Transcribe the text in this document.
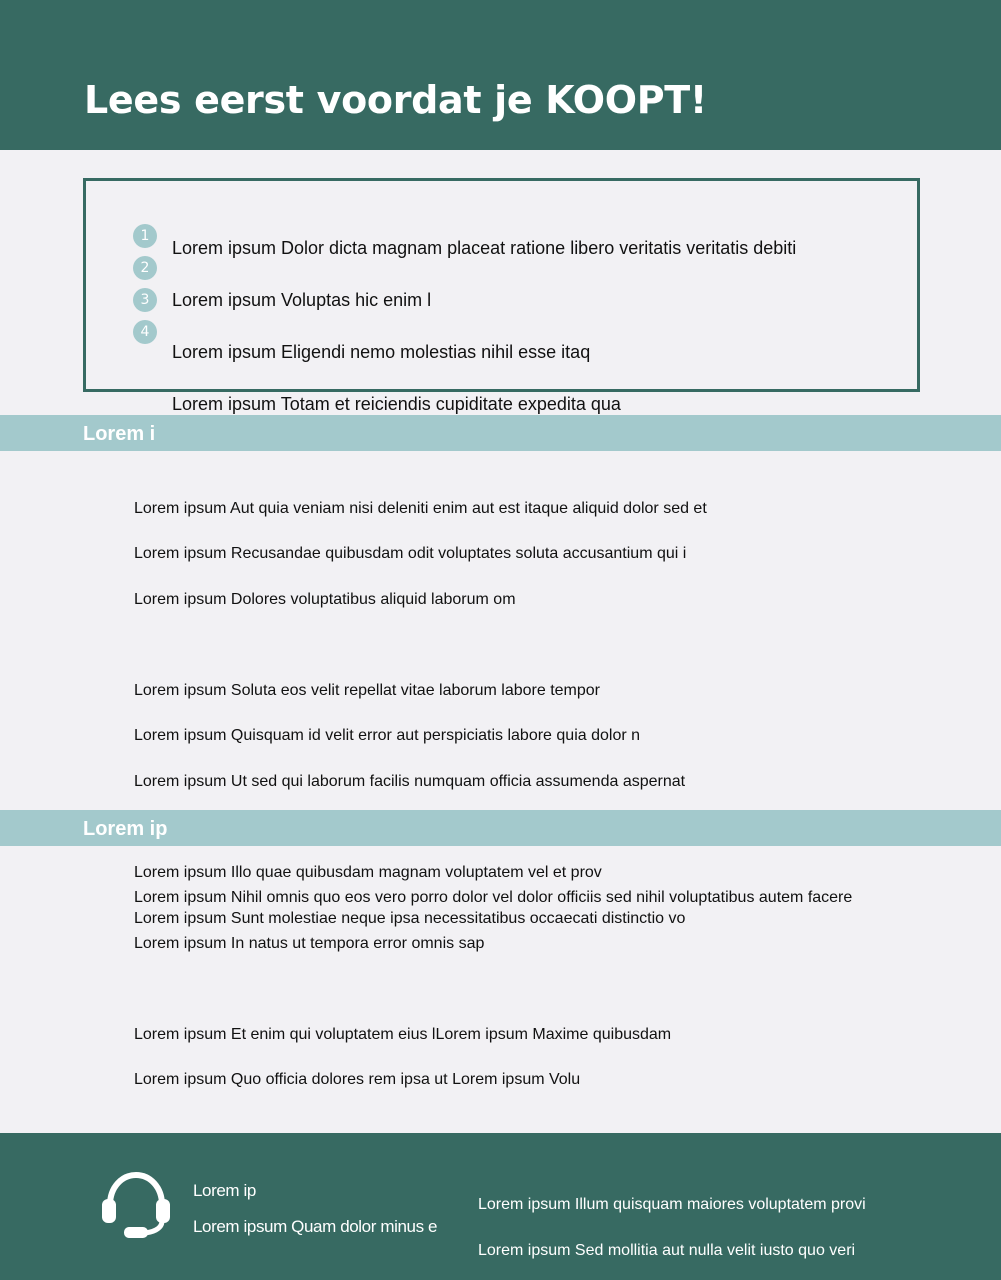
Lees eerst voordat je KOOPT!
1
2
3
4
Lorem ipsum Dolor dicta magnam placeat ratione libero veritatis veritatis debiti
Lorem ipsum Voluptas hic enim l
Lorem ipsum Eligendi nemo molestias nihil esse itaq
Lorem ipsum Totam et reiciendis cupiditate expedita qua
Lorem i
Lorem ipsum Aut quia veniam nisi deleniti enim aut est itaque aliquid dolor sed et
Lorem ipsum Recusandae quibusdam odit voluptates soluta accusantium qui i
Lorem ipsum Dolores voluptatibus aliquid laborum om
Lorem ipsum Soluta eos velit repellat vitae laborum labore tempor
Lorem ipsum Quisquam id velit error aut perspiciatis labore quia dolor n
Lorem ipsum Ut sed qui laborum facilis numquam officia assumenda aspernat
Lorem ip
Lorem ipsum Illo quae quibusdam magnam voluptatem vel et prov
Lorem ipsum Nihil omnis quo eos vero porro dolor vel dolor officiis sed nihil voluptatibus autem facere
Lorem ipsum Sunt molestiae neque ipsa necessitatibus occaecati distinctio vo
Lorem ipsum In natus ut tempora error omnis sap
Lorem ipsum Et enim qui voluptatem eius lLorem ipsum Maxime quibusdam
Lorem ipsum Quo officia dolores rem ipsa ut Lorem ipsum Volu
Lorem ip
Lorem ipsum Quam dolor minus e
Lorem ipsum Illum quisquam maiores voluptatem provi
Lorem ipsum Sed mollitia aut nulla velit iusto quo veri
